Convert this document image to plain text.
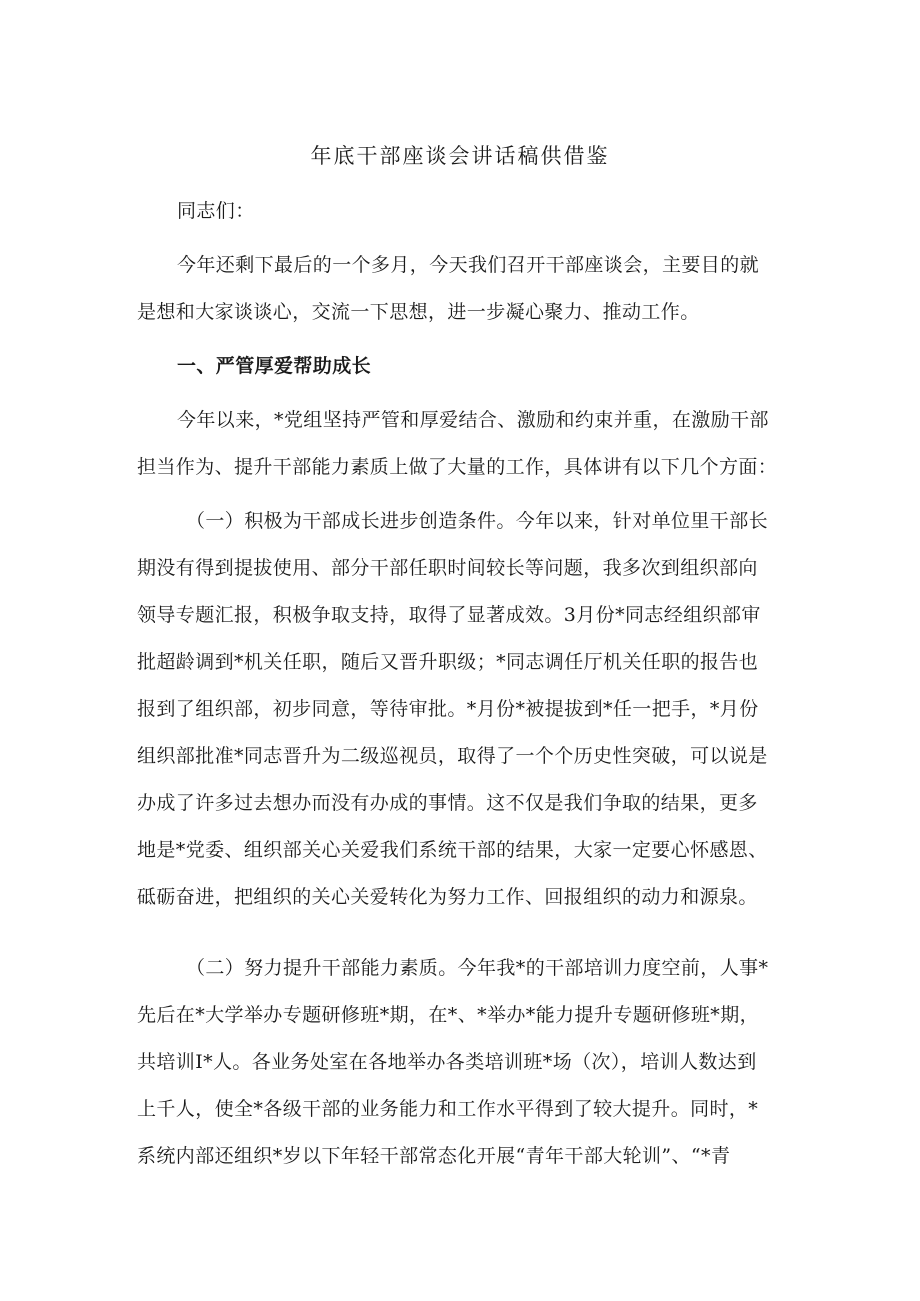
年底干部座谈会讲话稿供借鉴
同志们：
今年还剩下最后的一个多月，今天我们召开干部座谈会，主要目的就
是想和大家谈谈心，交流一下思想，进一步凝心聚力、推动工作。
一、严管厚爱帮助成长
今年以来，*党组坚持严管和厚爱结合、激励和约束并重，在激励干部
担当作为、提升干部能力素质上做了大量的工作，具体讲有以下几个方面：
（一）积极为干部成长进步创造条件。今年以来，针对单位里干部长
期没有得到提拔使用、部分干部任职时间较长等问题，我多次到组织部向
领导专题汇报，积极争取支持，取得了显著成效。3月份*同志经组织部审
批超龄调到*机关任职，随后又晋升职级；*同志调任厅机关任职的报告也
报到了组织部，初步同意，等待审批。*月份*被提拔到*任一把手，*月份
组织部批准*同志晋升为二级巡视员，取得了一个个历史性突破，可以说是
办成了许多过去想办而没有办成的事情。这不仅是我们争取的结果，更多
地是*党委、组织部关心关爱我们系统干部的结果，大家一定要心怀感恩、
砥砺奋进，把组织的关心关爱转化为努力工作、回报组织的动力和源泉。
（二）努力提升干部能力素质。今年我*的干部培训力度空前，人事*
先后在*大学举办专题研修班*期，在*、*举办*能力提升专题研修班*期，
共培训I*人。各业务处室在各地举办各类培训班*场（次），培训人数达到
上千人，使全*各级干部的业务能力和工作水平得到了较大提升。同时，*
系统内部还组织*岁以下年轻干部常态化开展“青年干部大轮训”、“*青
